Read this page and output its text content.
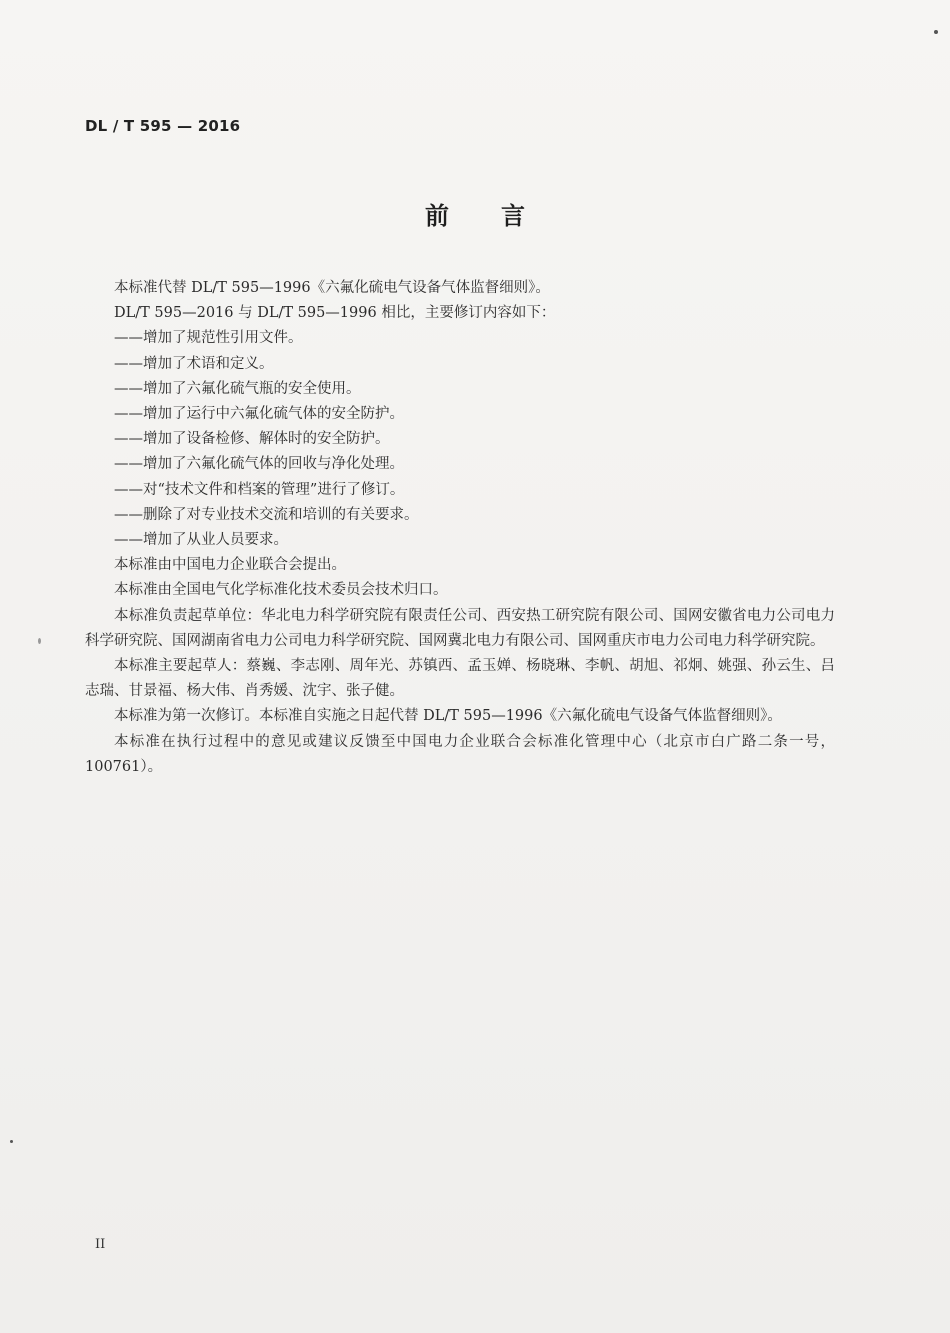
DL / T 595 — 2016
前言

本标准代替 DL/T 595—1996《六氟化硫电气设备气体监督细则》。

DL/T 595—2016 与 DL/T 595—1996 相比，主要修订内容如下：

——增加了规范性引用文件。

——增加了术语和定义。

——增加了六氟化硫气瓶的安全使用。

——增加了运行中六氟化硫气体的安全防护。

——增加了设备检修、解体时的安全防护。

——增加了六氟化硫气体的回收与净化处理。

——对“技术文件和档案的管理”进行了修订。

——删除了对专业技术交流和培训的有关要求。

——增加了从业人员要求。

本标准由中国电力企业联合会提出。

本标准由全国电气化学标准化技术委员会技术归口。

本标准负责起草单位：华北电力科学研究院有限责任公司、西安热工研究院有限公司、国网安徽省电力公司电力科学研究院、国网湖南省电力公司电力科学研究院、国网冀北电力有限公司、国网重庆市电力公司电力科学研究院。

本标准主要起草人：蔡巍、李志刚、周年光、苏镇西、孟玉婵、杨晓琳、李帆、胡旭、祁炯、姚强、孙云生、吕志瑞、甘景福、杨大伟、肖秀媛、沈宇、张子健。

本标准为第一次修订。本标准自实施之日起代替 DL/T 595—1996《六氟化硫电气设备气体监督细则》。

本标准在执行过程中的意见或建议反馈至中国电力企业联合会标准化管理中心（北京市白广路二条一号，100761）。

II
